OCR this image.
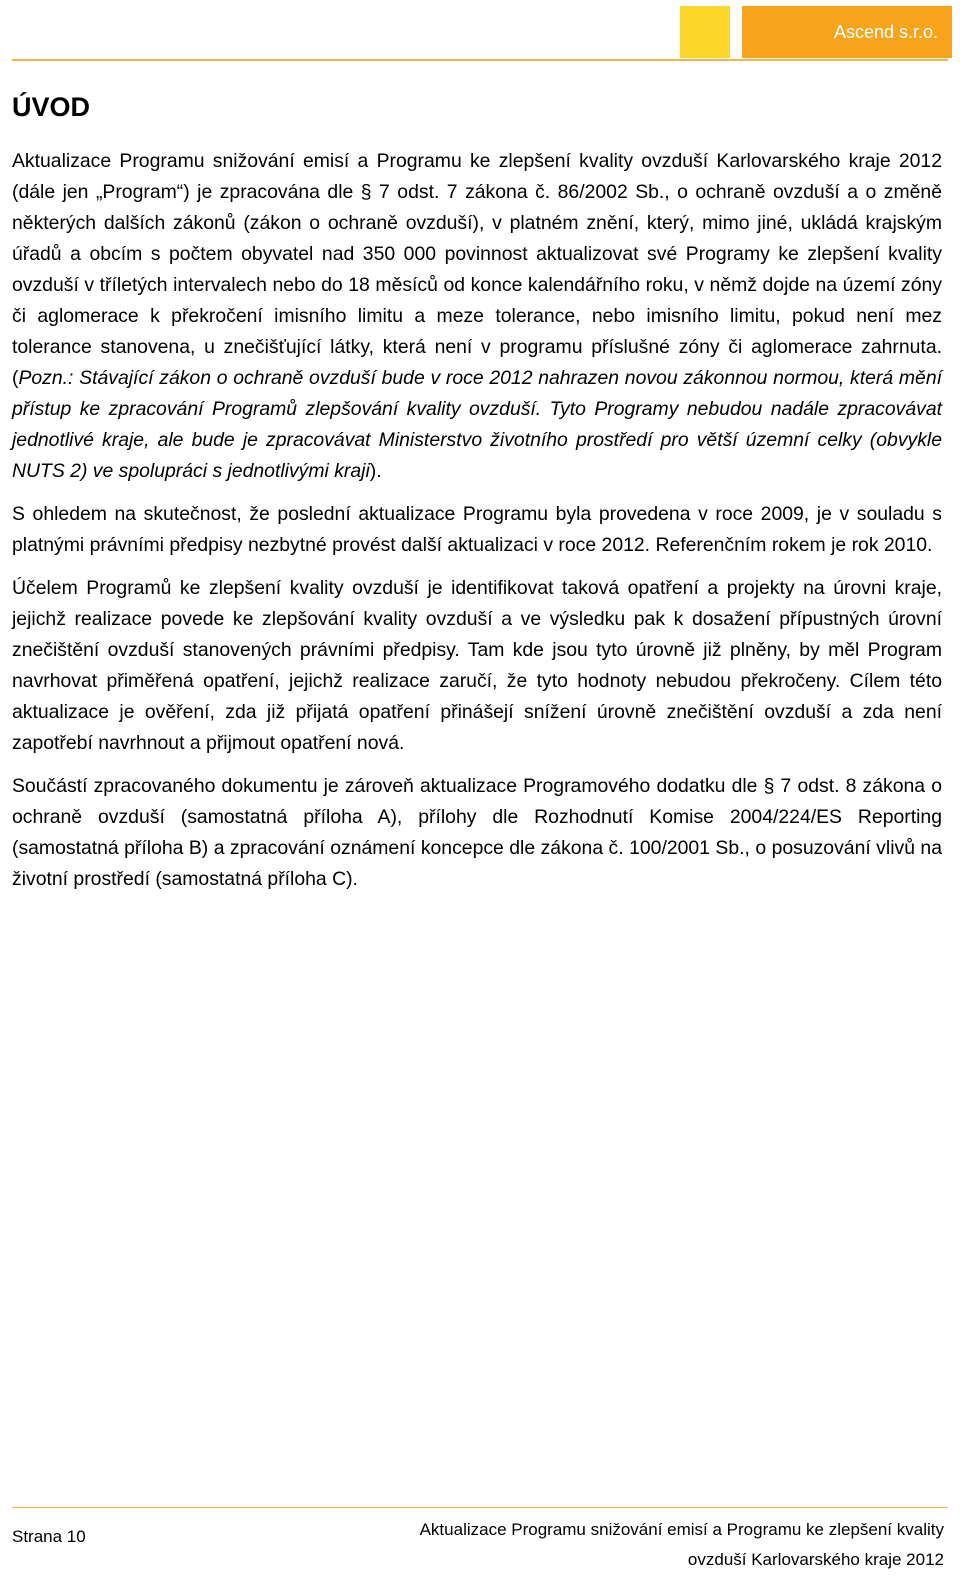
Ascend s.r.o.
ÚVOD

Aktualizace Programu snižování emisí a Programu ke zlepšení kvality ovzduší Karlovarského kraje 2012 (dále jen „Program“) je zpracována dle § 7 odst. 7 zákona č. 86/2002 Sb., o ochraně ovzduší a o změně některých dalších zákonů (zákon o ochraně ovzduší), v platném znění, který, mimo jiné, ukládá krajským úřadů a obcím s počtem obyvatel nad 350 000 povinnost aktualizovat své Programy ke zlepšení kvality ovzduší v tříletých intervalech nebo do 18 měsíců od konce kalendářního roku, v němž dojde na území zóny či aglomerace k překročení imisního limitu a meze tolerance, nebo imisního limitu, pokud není mez tolerance stanovena, u znečišťující látky, která není v programu příslušné zóny či aglomerace zahrnuta. (Pozn.: Stávající zákon o ochraně ovzduší bude v roce 2012 nahrazen novou zákonnou normou, která mění přístup ke zpracování Programů zlepšování kvality ovzduší. Tyto Programy nebudou nadále zpracovávat jednotlivé kraje, ale bude je zpracovávat Ministerstvo životního prostředí pro větší územní celky (obvykle NUTS 2) ve spolupráci s jednotlivými kraji).

S ohledem na skutečnost, že poslední aktualizace Programu byla provedena v roce 2009, je v souladu s platnými právními předpisy nezbytné provést další aktualizaci v roce 2012. Referenčním rokem je rok 2010.

Účelem Programů ke zlepšení kvality ovzduší je identifikovat taková opatření a projekty na úrovni kraje, jejichž realizace povede ke zlepšování kvality ovzduší a ve výsledku pak k dosažení přípustných úrovní znečištění ovzduší stanovených právními předpisy. Tam kde jsou tyto úrovně již plněny, by měl Program navrhovat přiměřená opatření, jejichž realizace zaručí, že tyto hodnoty nebudou překročeny. Cílem této aktualizace je ověření, zda již přijatá opatření přinášejí snížení úrovně znečištění ovzduší a zda není zapotřebí navrhnout a přijmout opatření nová.

Součástí zpracovaného dokumentu je zároveň aktualizace Programového dodatku dle § 7 odst. 8 zákona o ochraně ovzduší (samostatná příloha A), přílohy dle Rozhodnutí Komise 2004/224/ES Reporting (samostatná příloha B) a zpracování oznámení koncepce dle zákona č. 100/2001 Sb., o posuzování vlivů na životní prostředí (samostatná příloha C).

Strana 10	Aktualizace Programu snižování emisí a Programu ke zlepšení kvality
ovzduší Karlovarského kraje 2012
